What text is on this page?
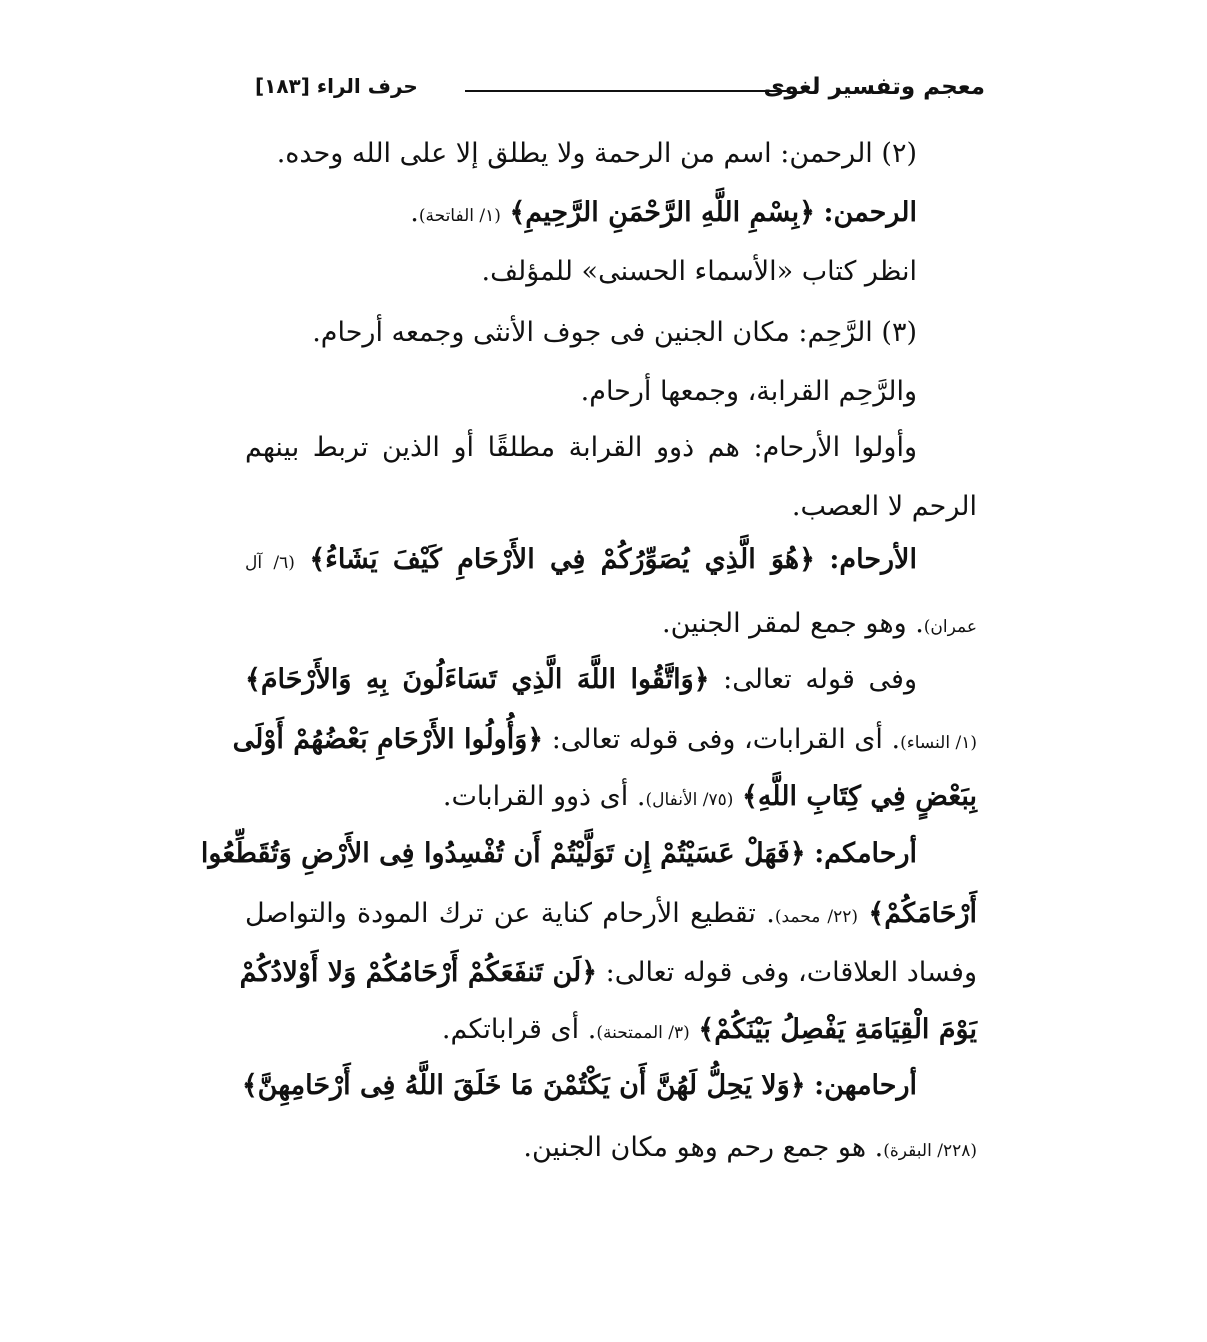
معجم وتفسير لغوى
حرف الراء [١٨٣]
(٢) الرحمن: اسم من الرحمة ولا يطلق إلا على الله وحده.
الرحمن: ﴿بِسْمِ اللَّهِ الرَّحْمَنِ الرَّحِيمِ﴾ (١/ الفاتحة).
انظر كتاب «الأسماء الحسنى» للمؤلف.
(٣) الرَّحِم: مكان الجنين فى جوف الأنثى وجمعه أرحام.
والرَّحِم القرابة، وجمعها أرحام.
وأولوا الأرحام: هم ذوو القرابة مطلقًا أو الذين تربط بينهم
الرحم لا العصب.
الأرحام: ﴿هُوَ الَّذِي يُصَوِّرُكُمْ فِي الأَرْحَامِ كَيْفَ يَشَاءُ﴾ (٦/ آل
عمران). وهو جمع لمقر الجنين.
وفى قوله تعالى: ﴿وَاتَّقُوا اللَّهَ الَّذِي تَسَاءَلُونَ بِهِ وَالأَرْحَامَ﴾
(١/ النساء). أى القرابات، وفى قوله تعالى: ﴿وَأُولُوا الأَرْحَامِ بَعْضُهُمْ أَوْلَى
بِبَعْضٍ فِي كِتَابِ اللَّهِ﴾ (٧٥/ الأنفال). أى ذوو القرابات.
أرحامكم: ﴿فَهَلْ عَسَيْتُمْ إِن تَوَلَّيْتُمْ أَن تُفْسِدُوا فِى الأَرْضِ وَتُقَطِّعُوا
أَرْحَامَكُمْ﴾ (٢٢/ محمد). تقطيع الأرحام كناية عن ترك المودة والتواصل
وفساد العلاقات، وفى قوله تعالى: ﴿لَن تَنفَعَكُمْ أَرْحَامُكُمْ وَلا أَوْلادُكُمْ
يَوْمَ الْقِيَامَةِ يَفْصِلُ بَيْنَكُمْ﴾ (٣/ الممتحنة). أى قراباتكم.
أرحامهن: ﴿وَلا يَحِلُّ لَهُنَّ أَن يَكْتُمْنَ مَا خَلَقَ اللَّهُ فِى أَرْحَامِهِنَّ﴾
(٢٢٨/ البقرة). هو جمع رحم وهو مكان الجنين.
